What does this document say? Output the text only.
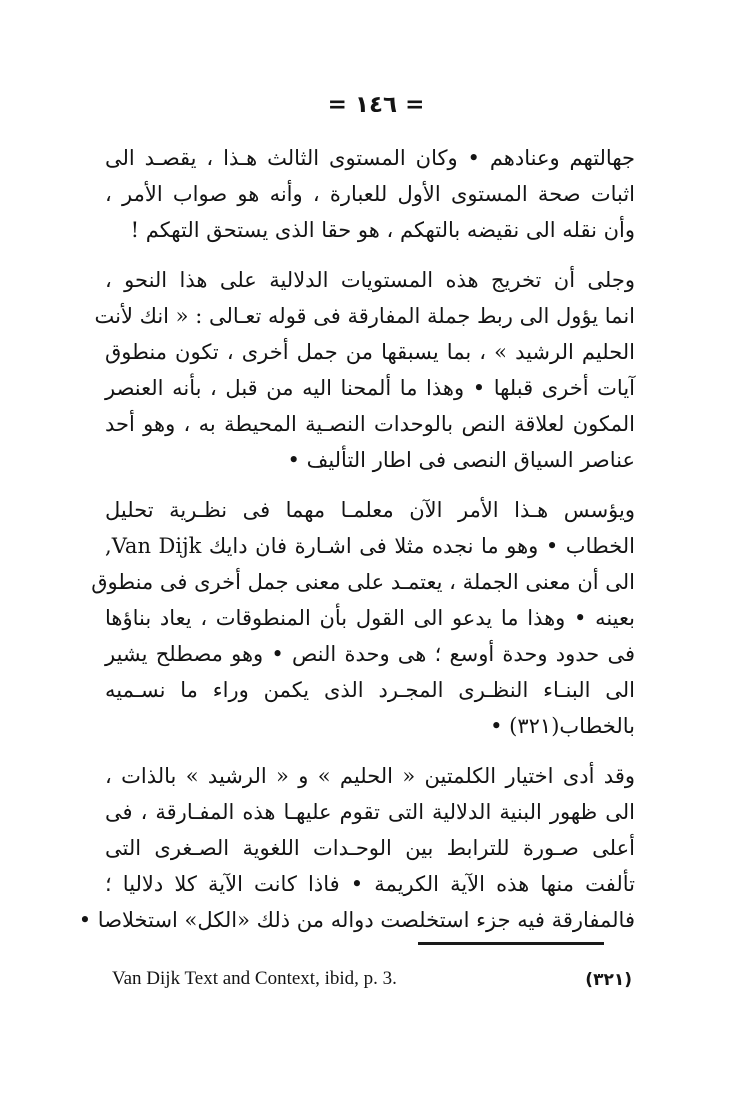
= ١٤٦ =

جهالتهم وعنادهم • وكان المستوى الثالث هـذا ، يقصـد الى
اثبات صحة المستوى الأول للعبارة ، وأنه هو صواب الأمر ،
وأن نقله الى نقيضه بالتهكم ، هو حقا الذى يستحق التهكم !

وجلى أن تخريج هذه المستويات الدلالية على هذا النحو ،
انما يؤول الى ربط جملة المفارقة فى قوله تعـالى : « انك لأنت
الحليم الرشيد » ، بما يسبقها من جمل أخرى ، تكون منطوق
آيات أخرى قبلها • وهذا ما ألمحنا اليه من قبل ، بأنه العنصر
المكون لعلاقة النص بالوحدات النصـية المحيطة به ، وهو أحد
عناصر السياق النصى فى اطار التأليف •

ويؤسس هـذا الأمر الآن معلمـا مهما فى نظـرية تحليل
الخطاب • وهو ما نجده مثلا فى اشـارة فان دايك Van Dijk,
الى أن معنى الجملة ، يعتمـد على معنى جمل أخرى فى منطوق
بعينه • وهذا ما يدعو الى القول بأن المنطوقات ، يعاد بناؤها
فى حدود وحدة أوسع ؛ هى وحدة النص • وهو مصطلح يشير
الى البنـاء النظـرى المجـرد الذى يكمن وراء ما نسـميه
بالخطاب(٣٢١) •

وقد أدى اختيار الكلمتين « الحليم » و « الرشيد » بالذات ،
الى ظهور البنية الدلالية التى تقوم عليهـا هذه المفـارقة ، فى
أعلى صـورة للترابط بين الوحـدات اللغوية الصـغرى التى
تألفت منها هذه الآية الكريمة • فاذا كانت الآية كلا دلاليا ؛
فالمفارقة فيه جزء استخلصت دواله من ذلك «الكل» استخلاصا •

Van Dijk Text and Context, ibid, p. 3.	(٣٢١)
